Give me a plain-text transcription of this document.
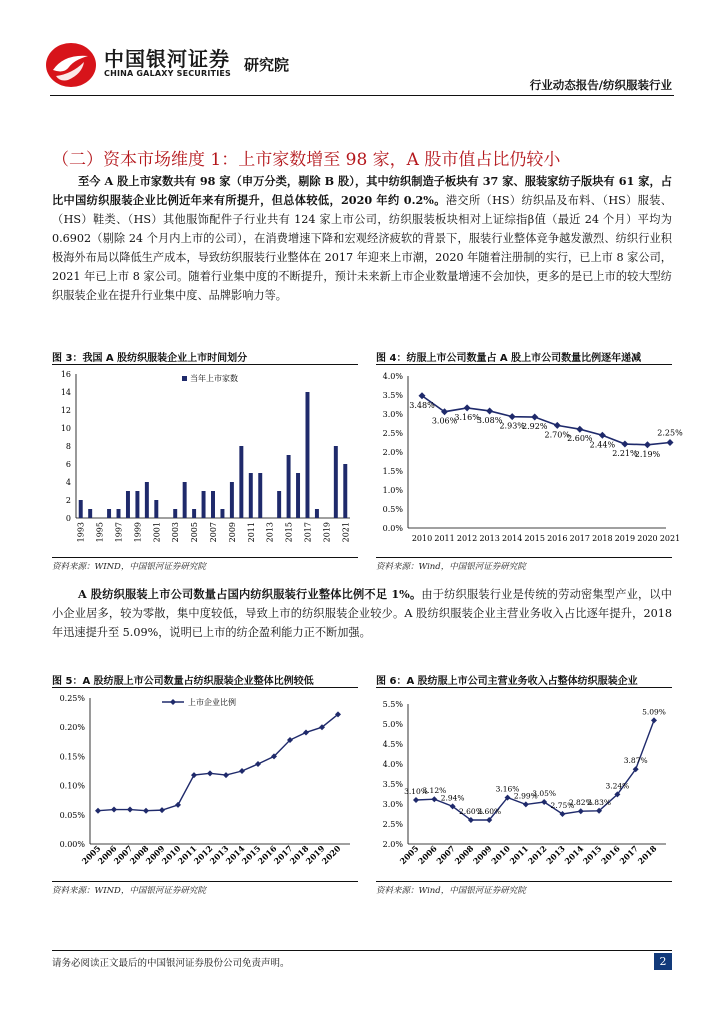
中国银河证券
CHINA GALAXY SECURITIES 研究院
行业动态报告/纺织服装行业
（二）资本市场维度 1：上市家数增至 98 家，A 股市值占比仍较小
至今 A 股上市家数共有 98 家（申万分类，剔除 B 股），其中纺织制造子板块有 37 家、服装家纺子版块有 61 家，占比中国纺织服装企业比例近年来有所提升，但总体较低，2020 年约 0.2%。港交所（HS）纺织品及布料、（HS）服装、（HS）鞋类、（HS）其他服饰配件子行业共有 124 家上市公司，纺织服装板块相对上证综指β值（最近 24 个月）平均为 0.6902（剔除 24 个月内上市的公司），在消费增速下降和宏观经济疲软的背景下，服装行业整体竞争越发激烈、纺织行业积极海外布局以降低生产成本，导致纺织服装行业整体在 2017 年迎来上市潮，2020 年随着注册制的实行，已上市 8 家公司，2021 年已上市 8 家公司。随着行业集中度的不断提升，预计未来新上市企业数量增速不会加快，更多的是已上市的较大型纺织服装企业在提升行业集中度、品牌影响力等。
图 3：我国 A 股纺织服装企业上市时间划分	图 4：纺服上市公司数量占 A 股上市公司数量比例逐年递减
0
2
4
6
8
10
12
14
16
1993 1995 1997 1999 2001 2003 2005 2007 2009 2011 2013 2015 2017 2019 2021
当年上市家数
0.0%
0.5%
1.0%
1.5%
2.0%
2.5%
3.0%
3.5%
4.0%
3.48%
2010
3.06%
2011
3.16%
2012
3.08%
2013
2.93%
2014
2.92%
2015
2.70%
2016
2.60%
2017
2.44%
2018
2.21%
2019
2.19%
2020
2.25%
2021
资料来源：WIND，中国银河证券研究院	资料来源：Wind，中国银河证券研究院
A 股纺织服装上市公司数量占国内纺织服装行业整体比例不足 1%。由于纺织服装行业是传统的劳动密集型产业，以中小企业居多，较为零散，集中度较低，导致上市的纺织服装企业较少。A 股纺织服装企业主营业务收入占比逐年提升，2018 年迅速提升至 5.09%，说明已上市的纺企盈利能力正不断加强。
图 5：A 股纺服上市公司数量占纺织服装企业整体比例较低	图 6：A 股纺服上市公司主营业务收入占整体纺织服装企业
0.00%
0.05%
0.10%
0.15%
0.20%
0.25%
2005
2006
2007
2008
2009
2010
2011
2012
2013
2014
2015
2016
2017
2018
2019
2020
上市企业比例
2.0%
2.5%
3.0%
3.5%
4.0%
4.5%
5.0%
5.5%
3.10%
2005
3.12%
2006
2.94%
2007
2.60%
2008
2.60%
2009
3.16%
2010
2.99%
2011
3.05%
2012
2.75%
2013
2.82%
2014
2.83%
2015
3.24%
2016
3.87%
2017
5.09%
2018
资料来源：WIND，中国银河证券研究院	资料来源：Wind，中国银河证券研究院
请务必阅读正文最后的中国银河证券股份公司免责声明。	2
